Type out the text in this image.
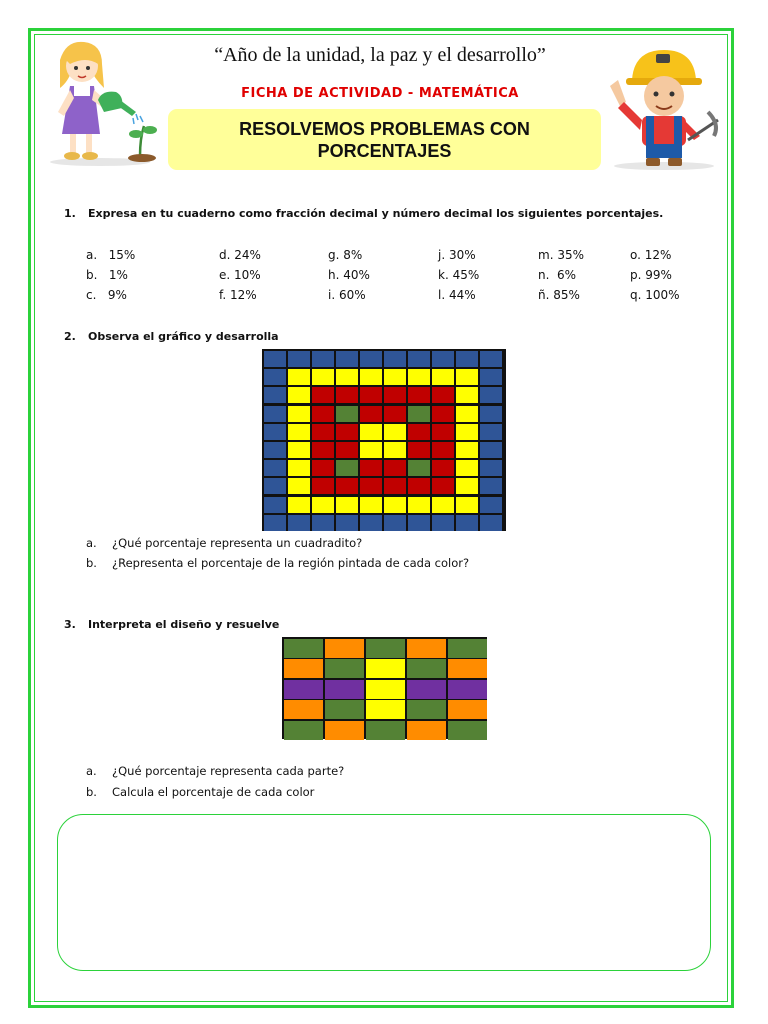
“Año de la unidad, la paz y el desarrollo”
FICHA DE ACTIVIDAD - MATEMÁTICA
RESOLVEMOS PROBLEMAS CON PORCENTAJES
1. Expresa en tu cuaderno como fracción decimal y número decimal los siguientes porcentajes.
a.   15%	d. 24%	g. 8%	j. 30%	m. 35%	o. 12%
b.   1%	e. 10%	h. 40%	k. 45%	n.  6%	p. 99%
c.   9%	f. 12%	i. 60%	l. 44%	ñ. 85%	q. 100%
2. Observa el gráfico y desarrolla
a. ¿Qué porcentaje representa un cuadradito?
b. ¿Representa el porcentaje de la región pintada de cada color?
3. Interpreta el diseño y resuelve
a. ¿Qué porcentaje representa cada parte?
b. Calcula el porcentaje de cada color
